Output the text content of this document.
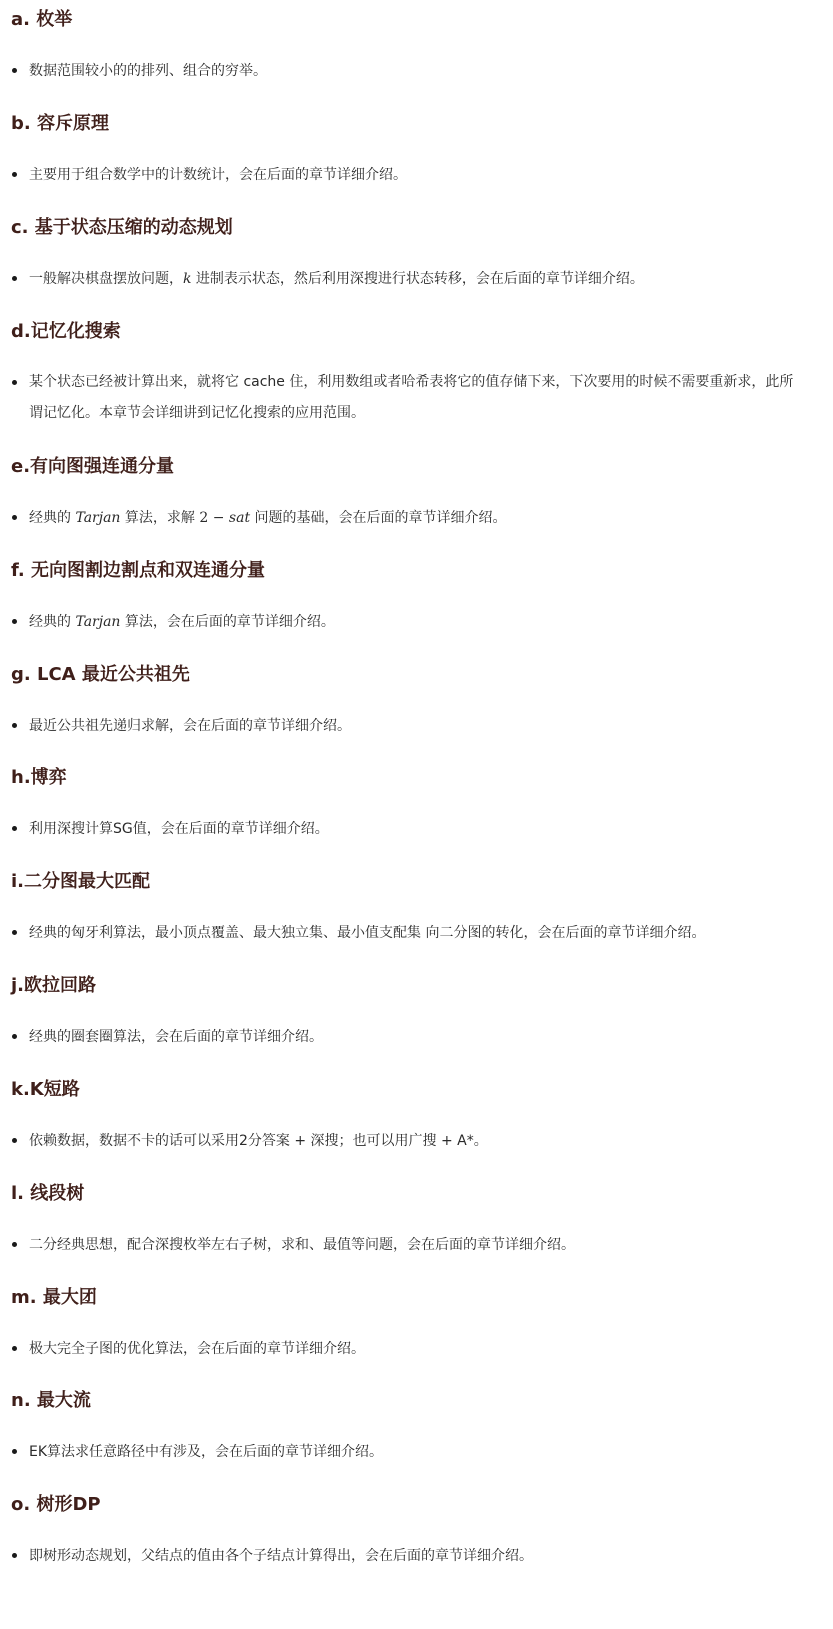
a. 枚举
数据范围较小的的排列、组合的穷举。
b. 容斥原理
主要用于组合数学中的计数统计，会在后面的章节详细介绍。
c. 基于状态压缩的动态规划
一般解决棋盘摆放问题，k 进制表示状态，然后利用深搜进行状态转移，会在后面的章节详细介绍。
d.记忆化搜索
某个状态已经被计算出来，就将它 cache 住，利用数组或者哈希表将它的值存储下来，下次要用的时候不需要重新求，此所谓记忆化。本章节会详细讲到记忆化搜索的应用范围。
e.有向图强连通分量
经典的 Tarjan 算法，求解 2 − sat 问题的基础，会在后面的章节详细介绍。
f. 无向图割边割点和双连通分量
经典的 Tarjan 算法，会在后面的章节详细介绍。
g. LCA 最近公共祖先
最近公共祖先递归求解，会在后面的章节详细介绍。
h.博弈
利用深搜计算SG值，会在后面的章节详细介绍。
i.二分图最大匹配
经典的匈牙利算法，最小顶点覆盖、最大独立集、最小值支配集 向二分图的转化，会在后面的章节详细介绍。
j.欧拉回路
经典的圈套圈算法，会在后面的章节详细介绍。
k.K短路
依赖数据，数据不卡的话可以采用2分答案 + 深搜；也可以用广搜 + A*。
l. 线段树
二分经典思想，配合深搜枚举左右子树，求和、最值等问题，会在后面的章节详细介绍。
m. 最大团
极大完全子图的优化算法，会在后面的章节详细介绍。
n. 最大流
EK算法求任意路径中有涉及，会在后面的章节详细介绍。
o. 树形DP
即树形动态规划，父结点的值由各个子结点计算得出，会在后面的章节详细介绍。
